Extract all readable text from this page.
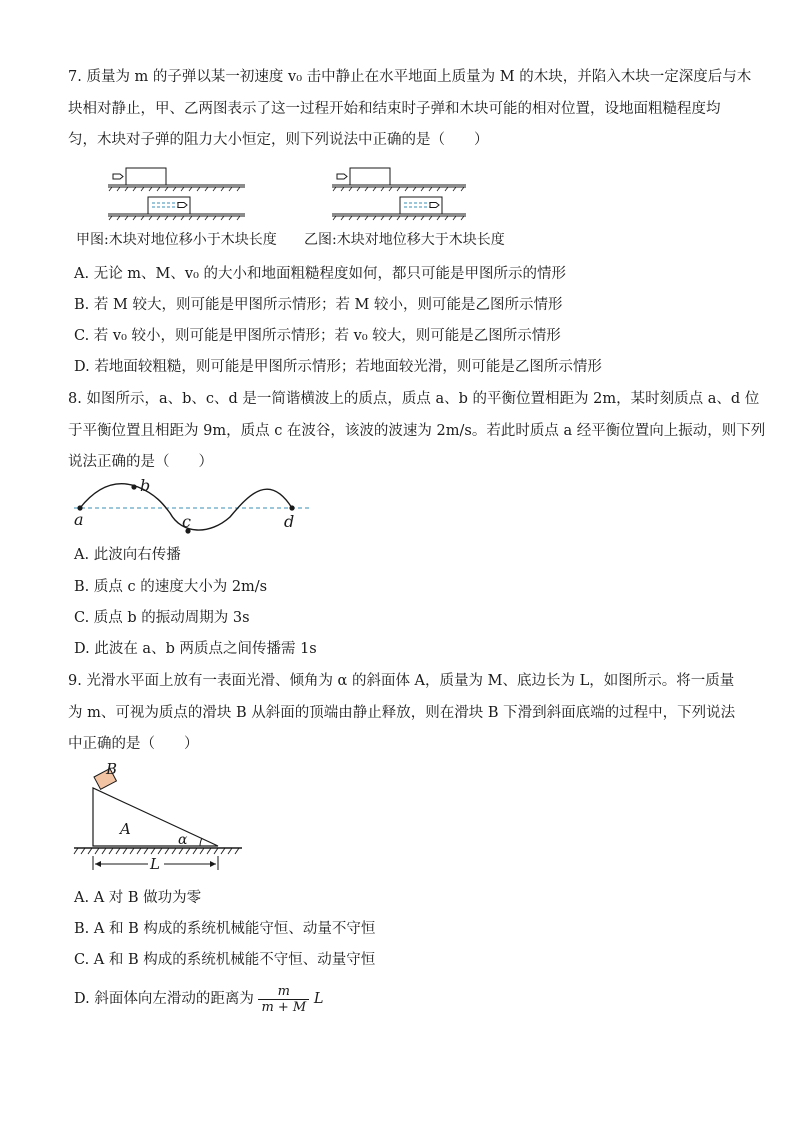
7. 质量为 m 的子弹以某一初速度 v₀ 击中静止在水平地面上质量为 M 的木块，并陷入木块一定深度后与木
块相对静止，甲、乙两图表示了这一过程开始和结束时子弹和木块可能的相对位置，设地面粗糙程度均
匀，木块对子弹的阻力大小恒定，则下列说法中正确的是（　　）
甲图:木块对地位移小于木块长度 乙图:木块对地位移大于木块长度
A. 无论 m、M、v₀ 的大小和地面粗糙程度如何，都只可能是甲图所示的情形
B. 若 M 较大，则可能是甲图所示情形；若 M 较小，则可能是乙图所示情形
C. 若 v₀ 较小，则可能是甲图所示情形；若 v₀ 较大，则可能是乙图所示情形
D. 若地面较粗糙，则可能是甲图所示情形；若地面较光滑，则可能是乙图所示情形
8. 如图所示，a、b、c、d 是一简谐横波上的质点，质点 a、b 的平衡位置相距为 2m，某时刻质点 a、d 位
于平衡位置且相距为 9m，质点 c 在波谷，该波的波速为 2m/s。若此时质点 a 经平衡位置向上振动，则下列
说法正确的是（　　）
a
b
c	d
A. 此波向右传播
B. 质点 c 的速度大小为 2m/s
C. 质点 b 的振动周期为 3s
D. 此波在 a、b 两质点之间传播需 1s
9. 光滑水平面上放有一表面光滑、倾角为 α 的斜面体 A，质量为 M、底边长为 L，如图所示。将一质量
为 m、可视为质点的滑块 B 从斜面的顶端由静止释放，则在滑块 B 下滑到斜面底端的过程中，下列说法
中正确的是（　　）
B
A
α
L
A. A 对 B 做功为零
B. A 和 B 构成的系统机械能守恒、动量不守恒
C. A 和 B 构成的系统机械能不守恒、动量守恒
D. 斜面体向左滑动的距离为 $\frac{m}{m + M}$ L
